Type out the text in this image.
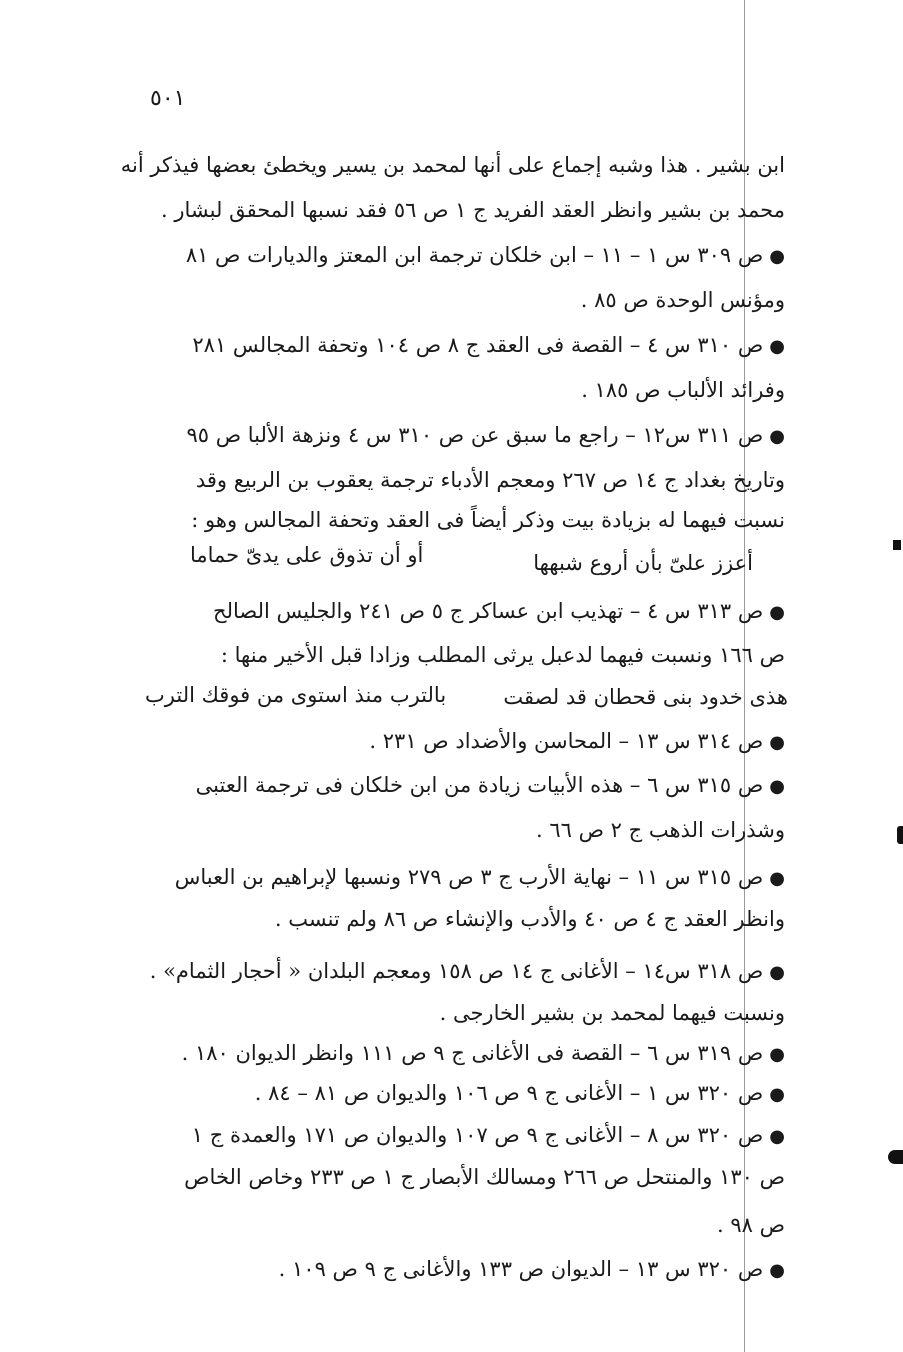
٥٠١
ابن بشير . هذا وشبه إجماع على أنها لمحمد بن يسير ويخطئ بعضها فيذكر أنه
محمد بن بشير وانظر العقد الفريد ج ١ ص ٥٦ فقد نسبها المحقق لبشار .
●ص ٣٠٩ س ١ – ١١ – ابن خلكان ترجمة ابن المعتز والديارات ص ٨١
ومؤنس الوحدة ص ٨٥ .
●ص ٣١٠ س ٤ – القصة فى العقد ج ٨ ص ١٠٤ وتحفة المجالس ٢٨١
وفرائد الألباب ص ١٨٥ .
●ص ٣١١ س١٢ – راجع ما سبق عن ص ٣١٠ س ٤ ونزهة الألبا ص ٩٥
وتاريخ بغداد ج ١٤ ص ٢٦٧ ومعجم الأدباء ترجمة يعقوب بن الربيع وقد
نسبت فيهما له بزيادة بيت وذكر أيضاً فى العقد وتحفة المجالس وهو :
أعزز علىّ بأن أروع شبهها
أو أن تذوق على يدىّ حماما
●ص ٣١٣ س ٤ – تهذيب ابن عساكر ج ٥ ص ٢٤١ والجليس الصالح
ص ١٦٦ ونسبت فيهما لدعبل يرثى المطلب وزادا قبل الأخير منها :
هذى خدود بنى قحطان قد لصقت
بالترب منذ استوى من فوقك الترب
●ص ٣١٤ س ١٣ – المحاسن والأضداد ص ٢٣١ .
●ص ٣١٥ س ٦ – هذه الأبيات زيادة من ابن خلكان فى ترجمة العتبى
وشذرات الذهب ج ٢ ص ٦٦ .
●ص ٣١٥ س ١١ – نهاية الأرب ج ٣ ص ٢٧٩ ونسبها لإبراهيم بن العباس
وانظر العقد ج ٤ ص ٤٠ والأدب والإنشاء ص ٨٦ ولم تنسب .
●ص ٣١٨ س١٤ – الأغانى ج ١٤ ص ١٥٨ ومعجم البلدان « أحجار الثمام» .
ونسبت فيهما لمحمد بن بشير الخارجى .
●ص ٣١٩ س ٦ – القصة فى الأغانى ج ٩ ص ١١١ وانظر الديوان ١٨٠ .
●ص ٣٢٠ س ١ – الأغانى ج ٩ ص ١٠٦ والديوان ص ٨١ – ٨٤ .
●ص ٣٢٠ س ٨ – الأغانى ج ٩ ص ١٠٧ والديوان ص ١٧١ والعمدة ج ١
ص ١٣٠ والمنتحل ص ٢٦٦ ومسالك الأبصار ج ١ ص ٢٣٣ وخاص الخاص
ص ٩٨ .
●ص ٣٢٠ س ١٣ – الديوان ص ١٣٣ والأغانى ج ٩ ص ١٠٩ .
